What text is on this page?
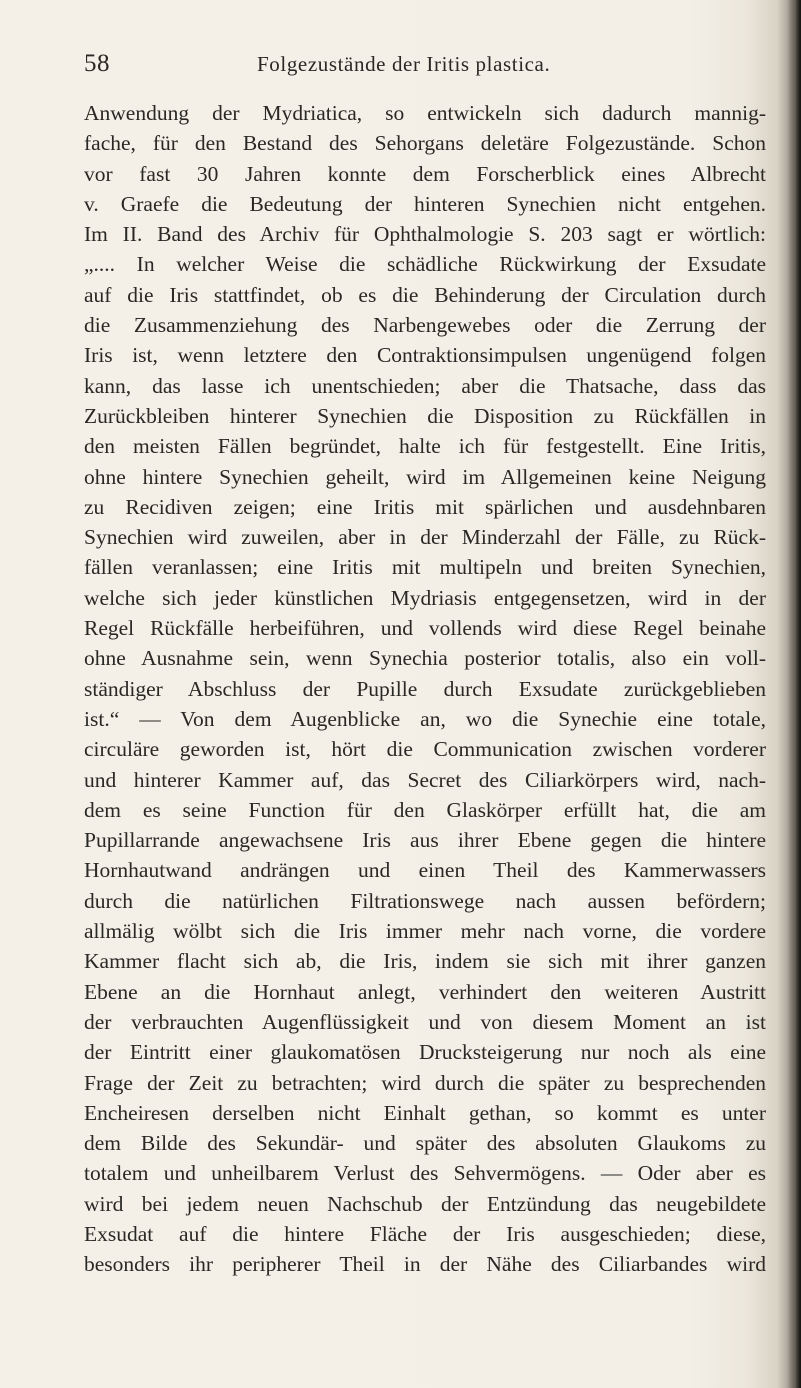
58	Folgezustände der Iritis plastica.
Anwendung der Mydriatica, so entwickeln sich dadurch mannig-
fache, für den Bestand des Sehorgans deletäre Folgezustände. Schon
vor fast 30 Jahren konnte dem Forscherblick eines Albrecht
v. Graefe die Bedeutung der hinteren Synechien nicht entgehen.
Im II. Band des Archiv für Ophthalmologie S. 203 sagt er wörtlich:
„.... In welcher Weise die schädliche Rückwirkung der Exsudate
auf die Iris stattfindet, ob es die Behinderung der Circulation durch
die Zusammenziehung des Narbengewebes oder die Zerrung der
Iris ist, wenn letztere den Contraktionsimpulsen ungenügend folgen
kann, das lasse ich unentschieden; aber die Thatsache, dass das
Zurückbleiben hinterer Synechien die Disposition zu Rückfällen in
den meisten Fällen begründet, halte ich für festgestellt. Eine Iritis,
ohne hintere Synechien geheilt, wird im Allgemeinen keine Neigung
zu Recidiven zeigen; eine Iritis mit spärlichen und ausdehnbaren
Synechien wird zuweilen, aber in der Minderzahl der Fälle, zu Rück-
fällen veranlassen; eine Iritis mit multipeln und breiten Synechien,
welche sich jeder künstlichen Mydriasis entgegensetzen, wird in der
Regel Rückfälle herbeiführen, und vollends wird diese Regel beinahe
ohne Ausnahme sein, wenn Synechia posterior totalis, also ein voll-
ständiger Abschluss der Pupille durch Exsudate zurückgeblieben
ist.“ — Von dem Augenblicke an, wo die Synechie eine totale,
circuläre geworden ist, hört die Communication zwischen vorderer
und hinterer Kammer auf, das Secret des Ciliarkörpers wird, nach-
dem es seine Function für den Glaskörper erfüllt hat, die am
Pupillarrande angewachsene Iris aus ihrer Ebene gegen die hintere
Hornhautwand andrängen und einen Theil des Kammerwassers
durch die natürlichen Filtrationswege nach aussen befördern;
allmälig wölbt sich die Iris immer mehr nach vorne, die vordere
Kammer flacht sich ab, die Iris, indem sie sich mit ihrer ganzen
Ebene an die Hornhaut anlegt, verhindert den weiteren Austritt
der verbrauchten Augenflüssigkeit und von diesem Moment an ist
der Eintritt einer glaukomatösen Drucksteigerung nur noch als eine
Frage der Zeit zu betrachten; wird durch die später zu besprechenden
Encheiresen derselben nicht Einhalt gethan, so kommt es unter
dem Bilde des Sekundär- und später des absoluten Glaukoms zu
totalem und unheilbarem Verlust des Sehvermögens. — Oder aber es
wird bei jedem neuen Nachschub der Entzündung das neugebildete
Exsudat auf die hintere Fläche der Iris ausgeschieden; diese,
besonders ihr peripherer Theil in der Nähe des Ciliarbandes wird
